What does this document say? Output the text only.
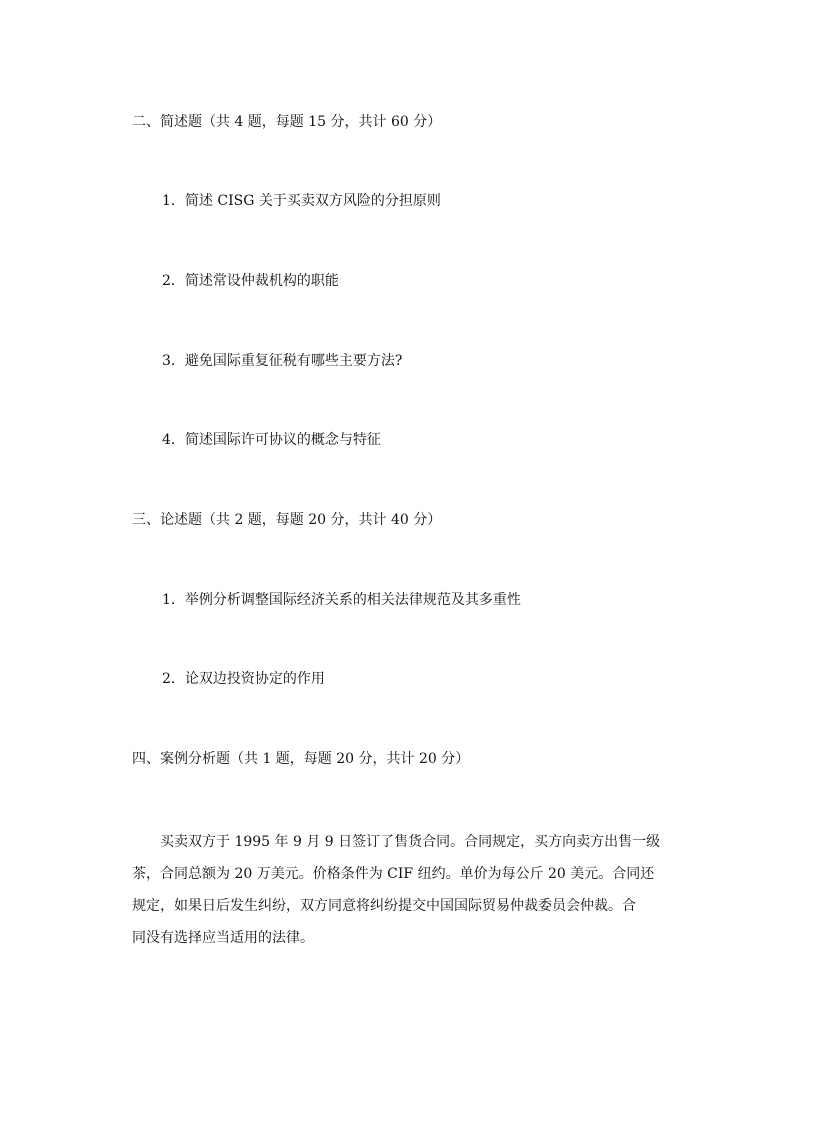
二、简述题（共 4 题，每题 15 分，共计 60 分）
1．简述 CISG 关于买卖双方风险的分担原则
2．简述常设仲裁机构的职能
3．避免国际重复征税有哪些主要方法?
4．简述国际许可协议的概念与特征
三、论述题（共 2 题，每题 20 分，共计 40 分）
1．举例分析调整国际经济关系的相关法律规范及其多重性
2．论双边投资协定的作用
四、案例分析题（共 1 题，每题 20 分，共计 20 分）
买卖双方于 1995 年 9 月 9 日签订了售货合同。合同规定，买方向卖方出售一级
茶，合同总额为 20 万美元。价格条件为 CIF 纽约。单价为每公斤 20 美元。合同还
规定，如果日后发生纠纷，双方同意将纠纷提交中国国际贸易仲裁委员会仲裁。合
同没有选择应当适用的法律。
